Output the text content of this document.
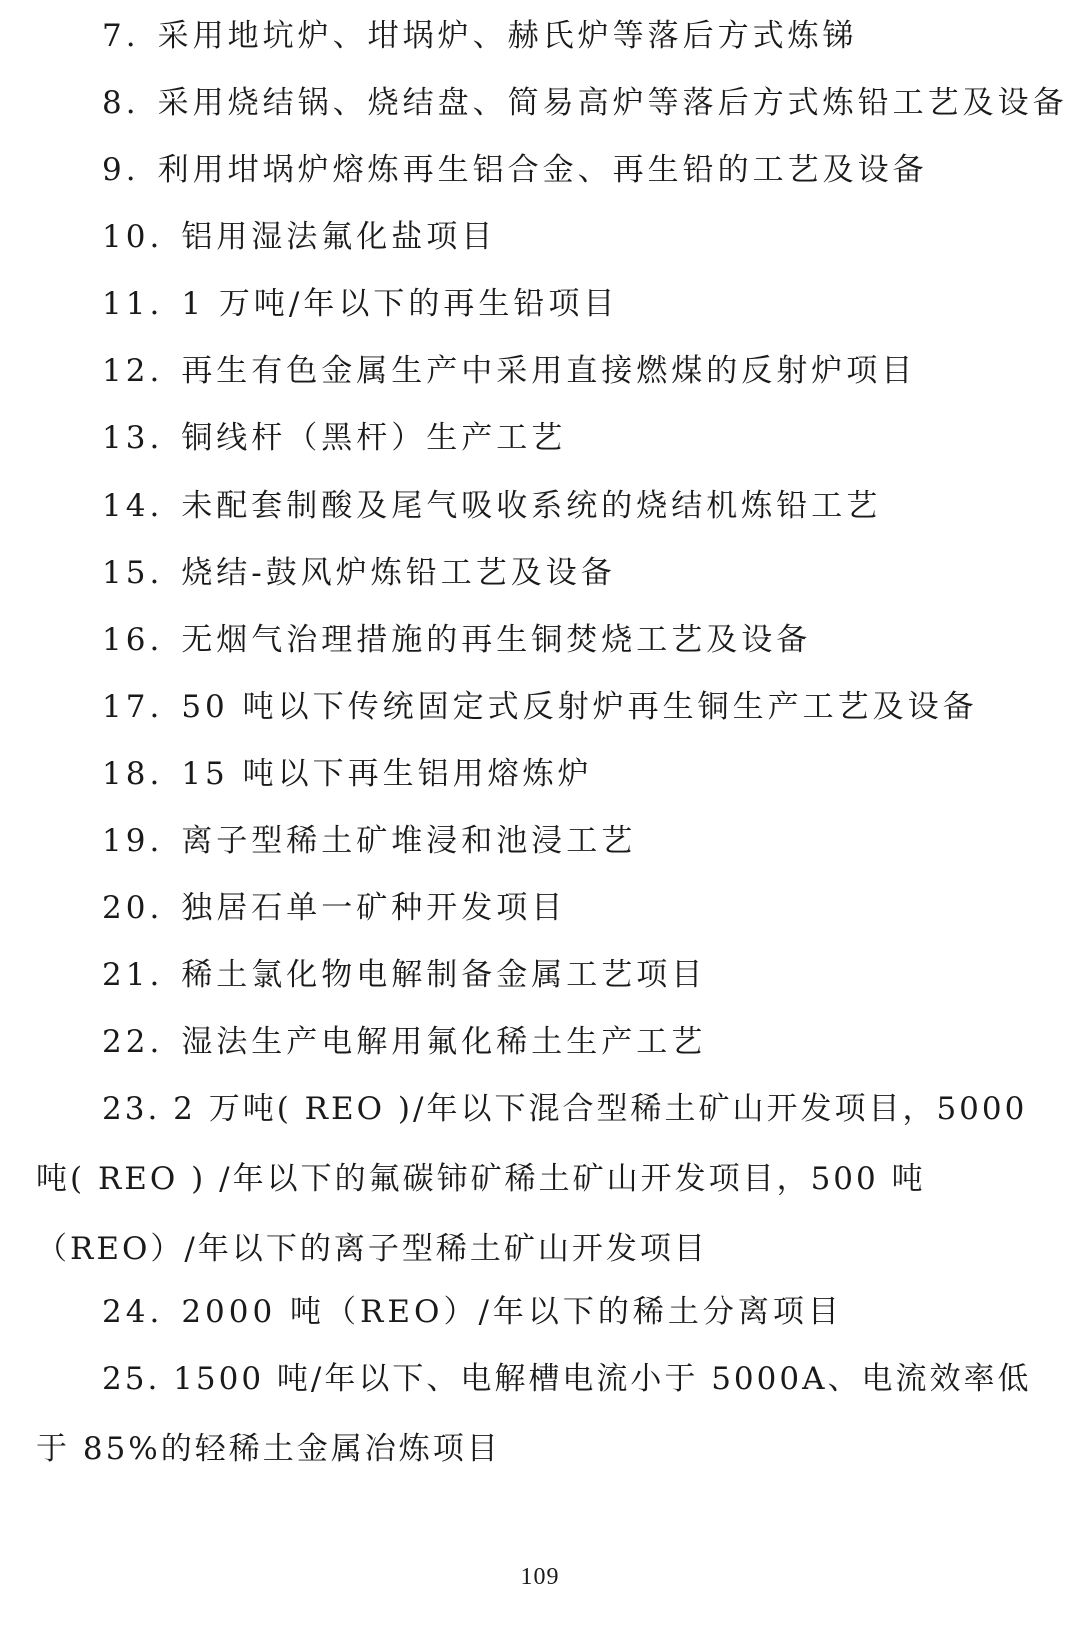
7. 采用地坑炉、坩埚炉、赫氏炉等落后方式炼锑
8. 采用烧结锅、烧结盘、简易高炉等落后方式炼铅工艺及设备
9. 利用坩埚炉熔炼再生铝合金、再生铅的工艺及设备
10. 铝用湿法氟化盐项目
11. 1 万吨/年以下的再生铅项目
12. 再生有色金属生产中采用直接燃煤的反射炉项目
13. 铜线杆（黑杆）生产工艺
14. 未配套制酸及尾气吸收系统的烧结机炼铅工艺
15. 烧结-鼓风炉炼铅工艺及设备
16. 无烟气治理措施的再生铜焚烧工艺及设备
17. 50 吨以下传统固定式反射炉再生铜生产工艺及设备
18. 15 吨以下再生铝用熔炼炉
19. 离子型稀土矿堆浸和池浸工艺
20. 独居石单一矿种开发项目
21. 稀土氯化物电解制备金属工艺项目
22. 湿法生产电解用氟化稀土生产工艺
23. 2 万吨( REO )/年以下混合型稀土矿山开发项目，5000 吨( REO ) /年以下的氟碳铈矿稀土矿山开发项目，500 吨（REO）/年以下的离子型稀土矿山开发项目
24. 2000 吨（REO）/年以下的稀土分离项目
25. 1500 吨/年以下、电解槽电流小于 5000A、电流效率低于 85%的轻稀土金属冶炼项目
109
